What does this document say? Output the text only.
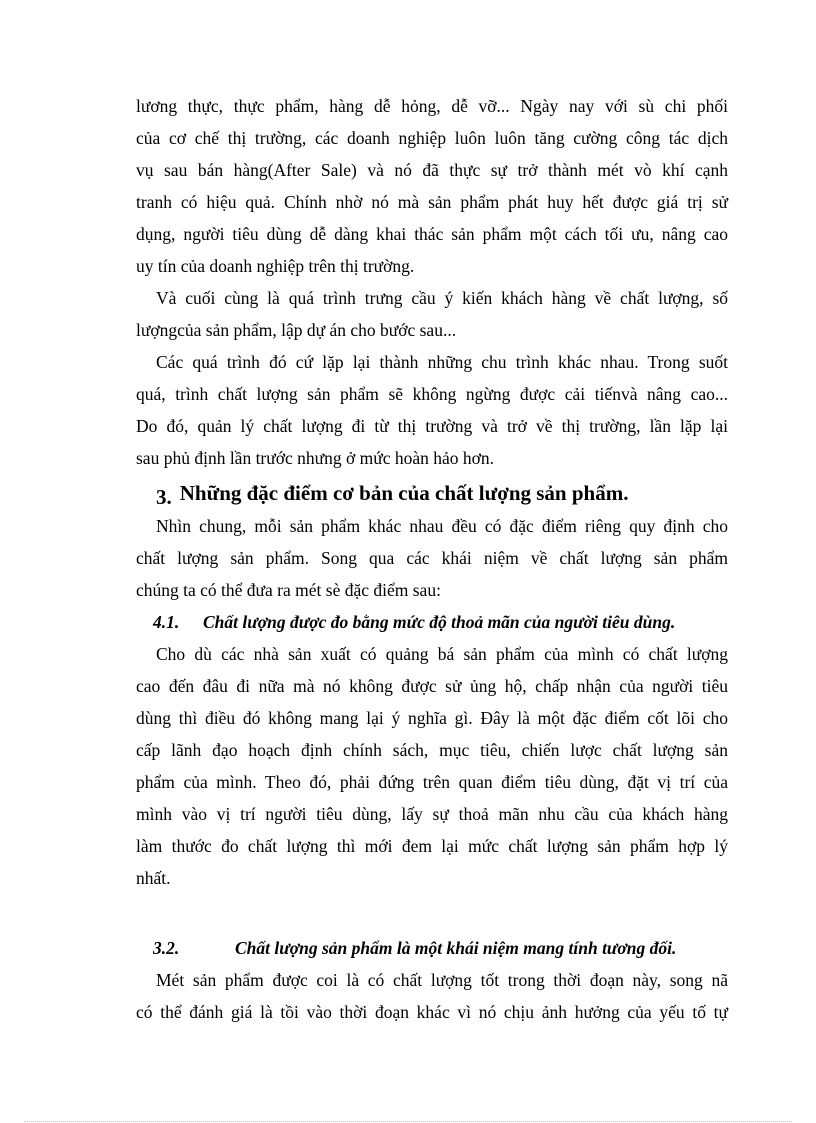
lương thực, thực phẩm, hàng dễ hỏng, dễ vỡ... Ngày nay với sù chi phối
của cơ chế thị trường, các doanh nghiệp luôn luôn tăng cường công tác dịch
vụ sau bán hàng(After Sale) và nó đã thực sự trở thành mét vò khí cạnh
tranh có hiệu quả. Chính nhờ nó mà sản phẩm phát huy hết được giá trị sử
dụng, người tiêu dùng dễ dàng khai thác sản phẩm một cách tối ưu, nâng cao
uy tín của doanh nghiệp trên thị trường.
Và cuối cùng là quá trình trưng cầu ý kiến khách hàng về chất lượng, số
lượngcủa sản phẩm, lập dự án cho bước sau...
Các quá trình đó cứ lặp lại thành những chu trình khác nhau. Trong suốt
quá, trình chất lượng sản phẩm sẽ không ngừng được cải tiếnvà nâng cao...
Do đó, quản lý chất lượng đi từ thị trường và trở về thị trường, lần lặp lại
sau phủ định lần trước nhưng ở mức hoàn hảo hơn.
3. Những đặc điểm cơ bản của chất lượng sản phẩm.
Nhìn chung, mỗi sản phẩm khác nhau đều có đặc điểm riêng quy định cho
chất lượng sản phẩm. Song qua các khái niệm về chất lượng sản phẩm
chúng ta có thể đưa ra mét sè đặc điểm sau:
4.1. Chất lượng được đo bằng mức độ thoả mãn của người tiêu dùng.
Cho dù các nhà sản xuất có quảng bá sản phẩm của mình có chất lượng
cao đến đâu đi nữa mà nó không được sử ủng hộ, chấp nhận của người tiêu
dùng thì điều đó không mang lại ý nghĩa gì. Đây là một đặc điểm cốt lõi cho
cấp lãnh đạo hoạch định chính sách, mục tiêu, chiến lược chất lượng sản
phẩm của mình. Theo đó, phải đứng trên quan điểm tiêu dùng, đặt vị trí của
mình vào vị trí người tiêu dùng, lấy sự thoả mãn nhu cầu của khách hàng
làm thước đo chất lượng thì mới đem lại mức chất lượng sản phẩm hợp lý
nhất.
3.2.	Chất lượng sản phẩm là một khái niệm mang tính tương đối.
Mét sản phẩm được coi là có chất lượng tốt trong thời đoạn này, song nã
có thể đánh giá là tồi vào thời đoạn khác vì nó chịu ảnh hưởng của yếu tố tự
